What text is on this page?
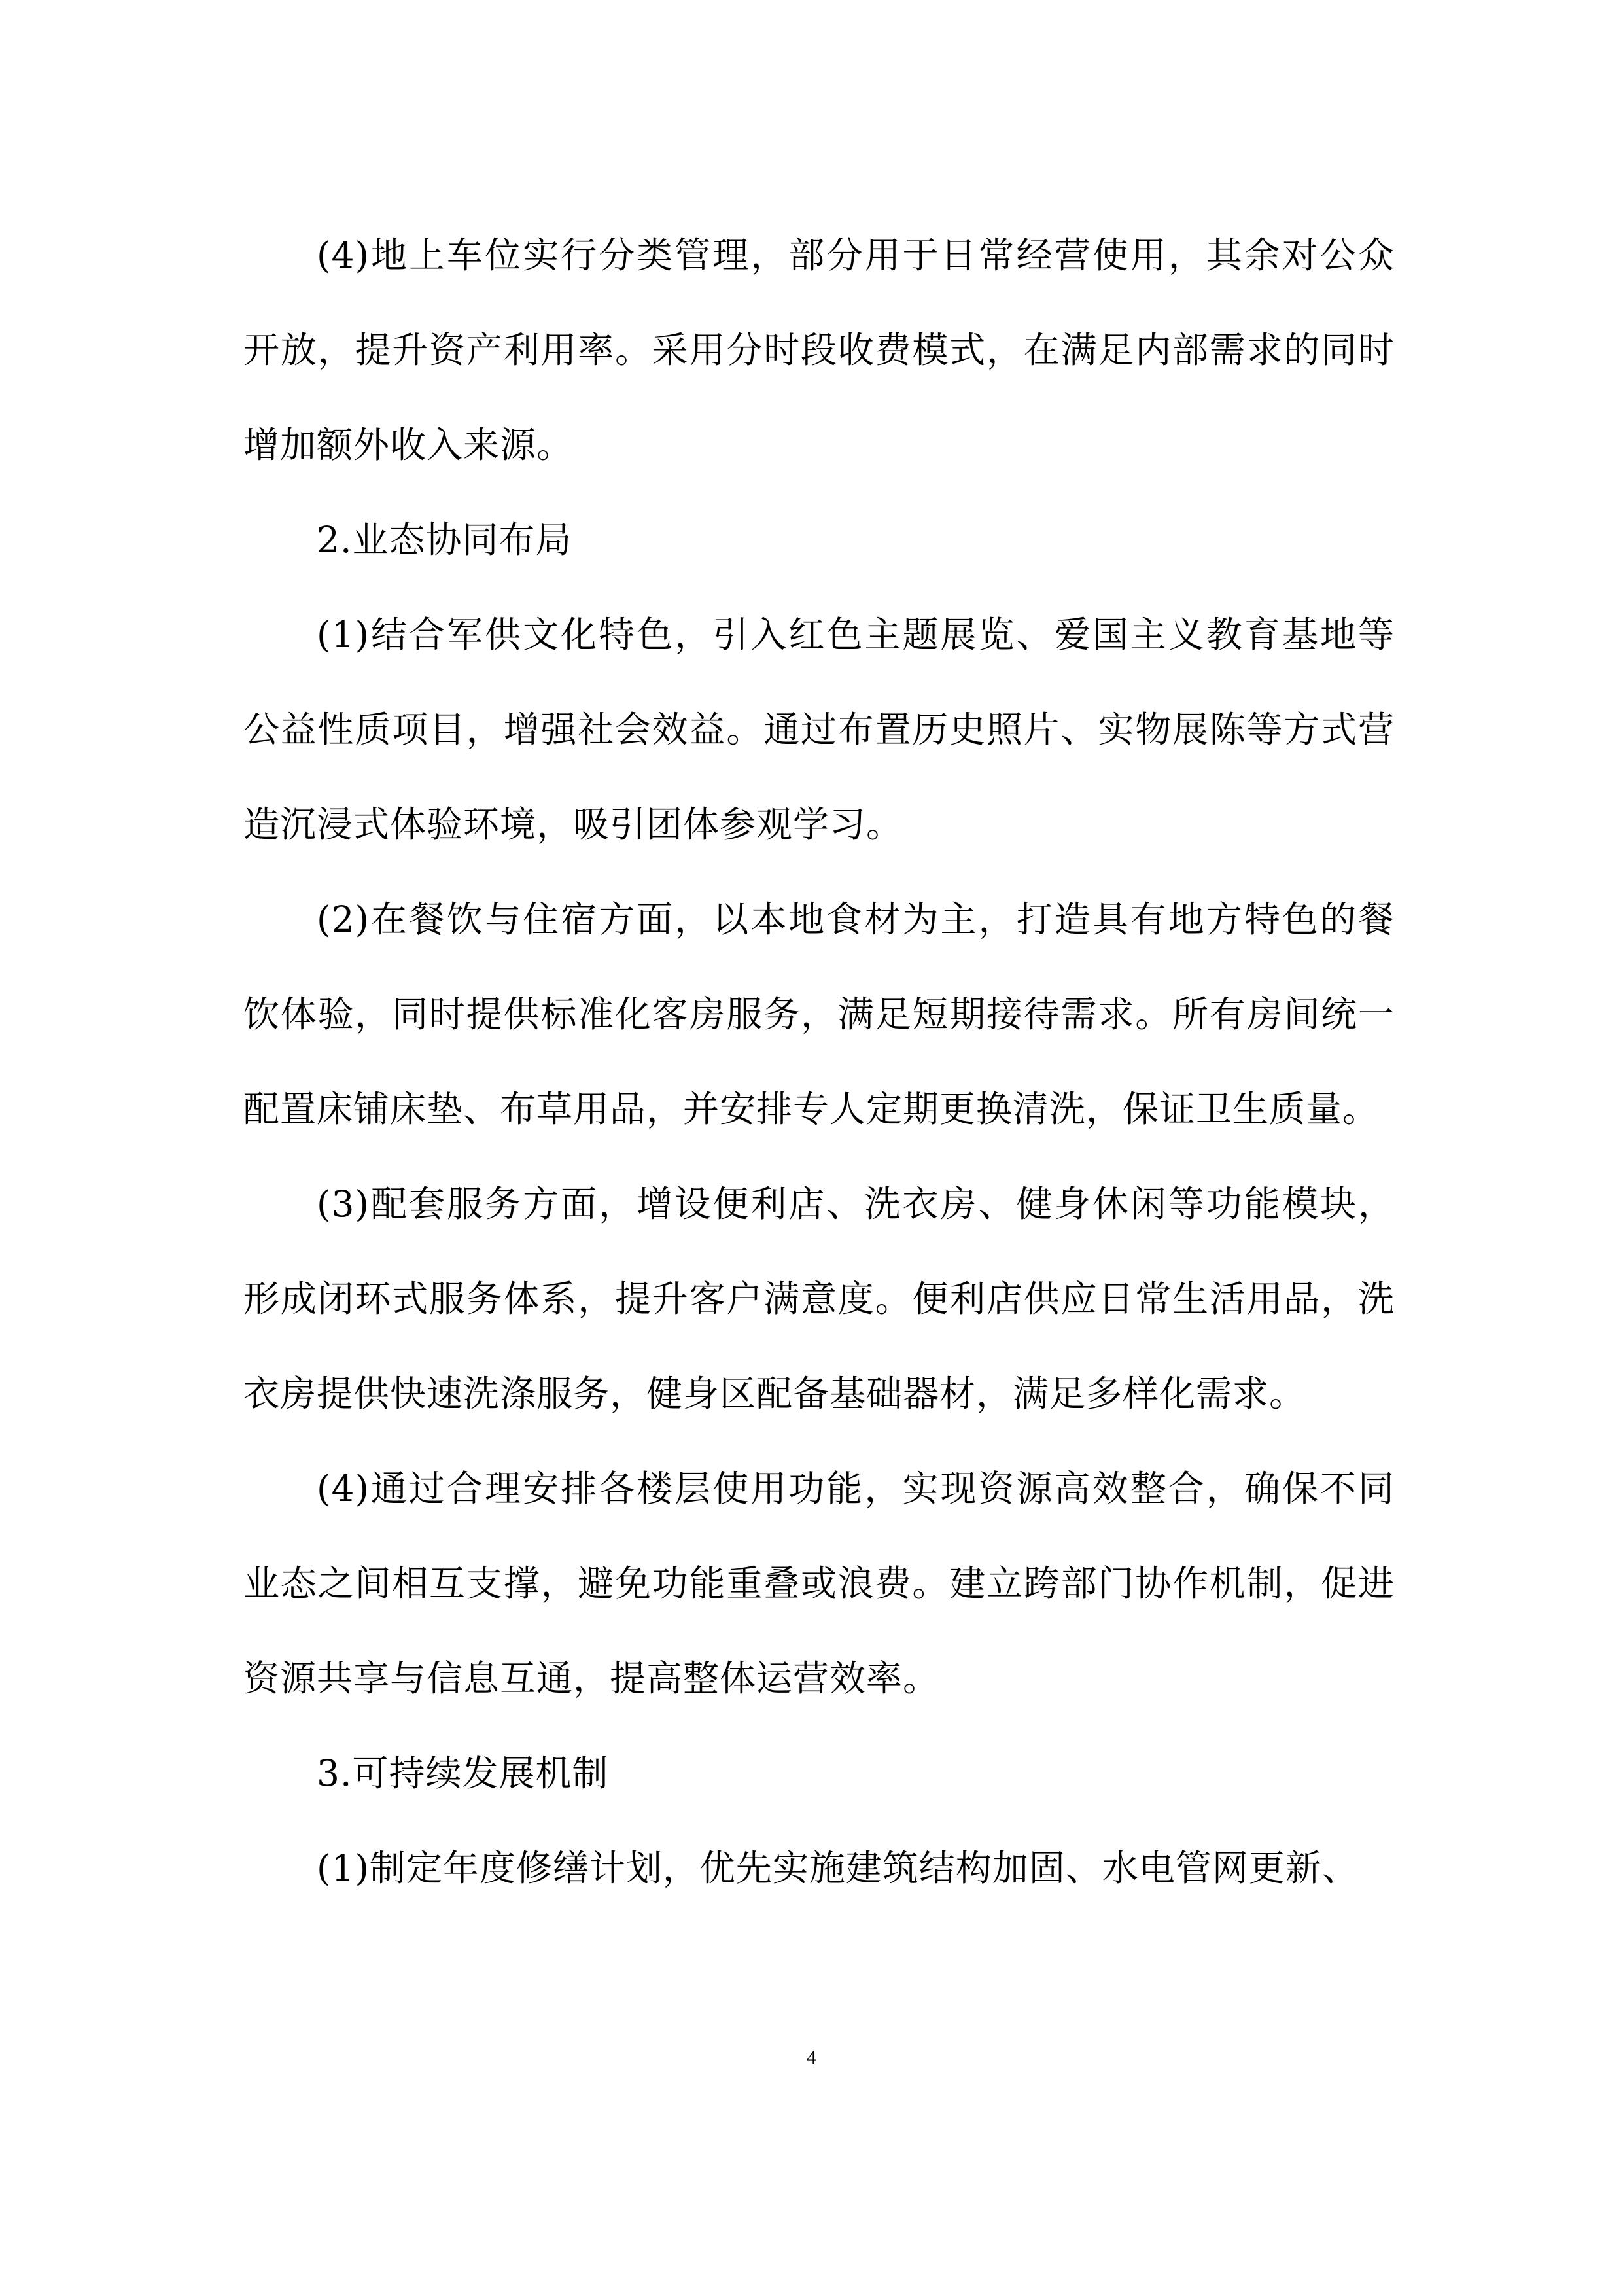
(4)地上车位实行分类管理，部分用于日常经营使用，其余对公众开放，提升资产利用率。采用分时段收费模式，在满足内部需求的同时增加额外收入来源。

2.业态协同布局

(1)结合军供文化特色，引入红色主题展览、爱国主义教育基地等公益性质项目，增强社会效益。通过布置历史照片、实物展陈等方式营造沉浸式体验环境，吸引团体参观学习。

(2)在餐饮与住宿方面，以本地食材为主，打造具有地方特色的餐饮体验，同时提供标准化客房服务，满足短期接待需求。所有房间统一配置床铺床垫、布草用品，并安排专人定期更换清洗，保证卫生质量。

(3)配套服务方面，增设便利店、洗衣房、健身休闲等功能模块，形成闭环式服务体系，提升客户满意度。便利店供应日常生活用品，洗衣房提供快速洗涤服务，健身区配备基础器材，满足多样化需求。

(4)通过合理安排各楼层使用功能，实现资源高效整合，确保不同业态之间相互支撑，避免功能重叠或浪费。建立跨部门协作机制，促进资源共享与信息互通，提高整体运营效率。

3.可持续发展机制

(1)制定年度修缮计划，优先实施建筑结构加固、水电管网更新、

4
